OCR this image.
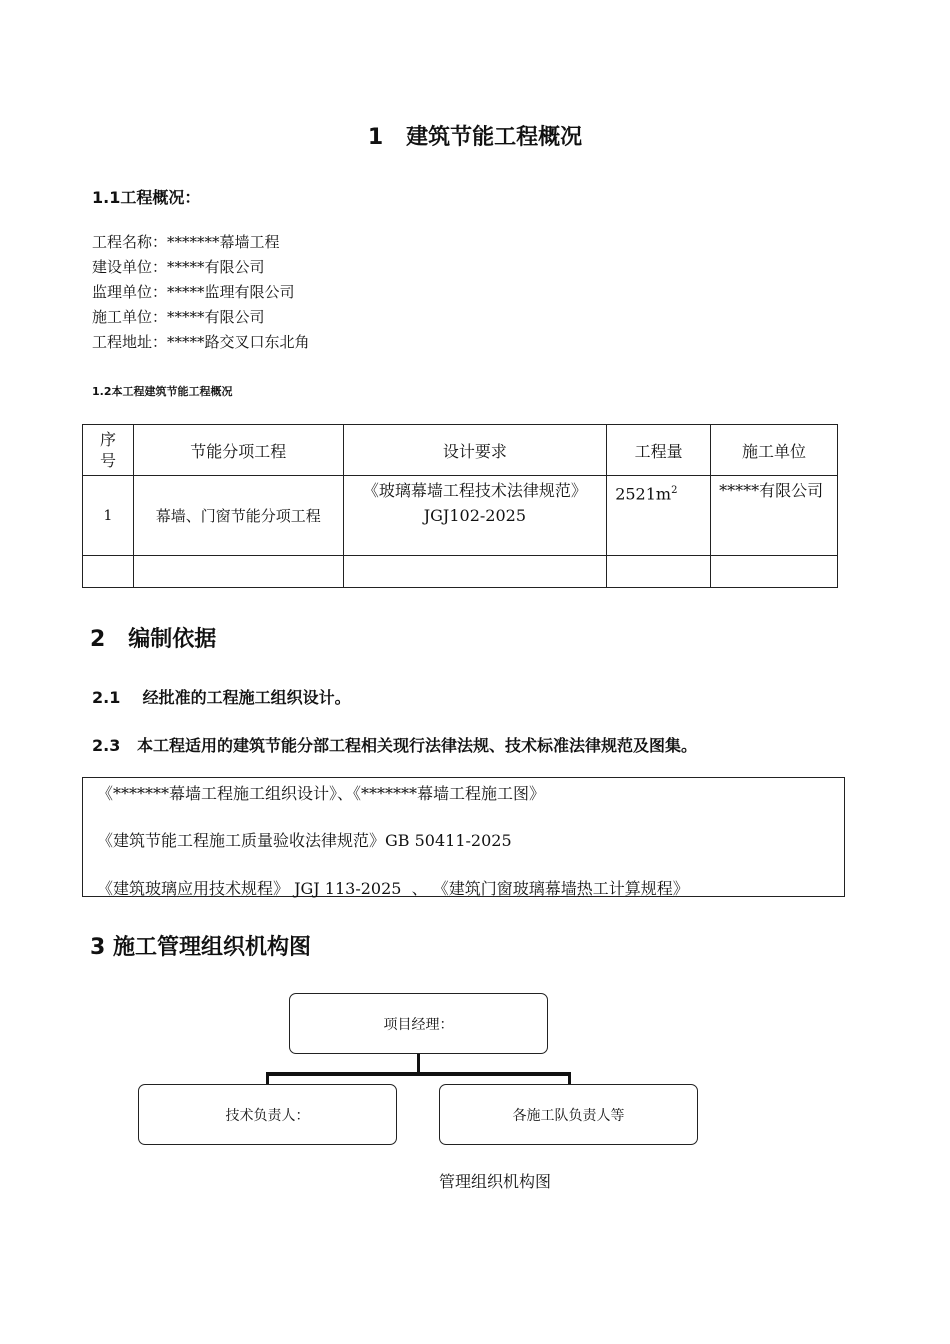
1   建筑节能工程概况
1.1工程概况：
工程名称：*******幕墙工程
建设单位：*****有限公司
监理单位：*****监理有限公司
施工单位：*****有限公司
工程地址：*****路交叉口东北角
1.2本工程建筑节能工程概况
序号	节能分项工程	设计要求	工程量	施工单位
1	幕墙、门窗节能分项工程	《玻璃幕墙工程技术法律规范》JGJ102-2025	$2521m^2$	*****有限公司

2   编制依据
2.1    经批准的工程施工组织设计。
2.3   本工程适用的建筑节能分部工程相关现行法律法规、技术标准法律规范及图集。
《*******幕墙工程施工组织设计》、《*******幕墙工程施工图》
《建筑节能工程施工质量验收法律规范》GB 50411-2025
《建筑玻璃应用技术规程》 JGJ 113-2025  、 《建筑门窗玻璃幕墙热工计算规程》
3 施工管理组织机构图
项目经理：
技术负责人：	各施工队负责人等
管理组织机构图
